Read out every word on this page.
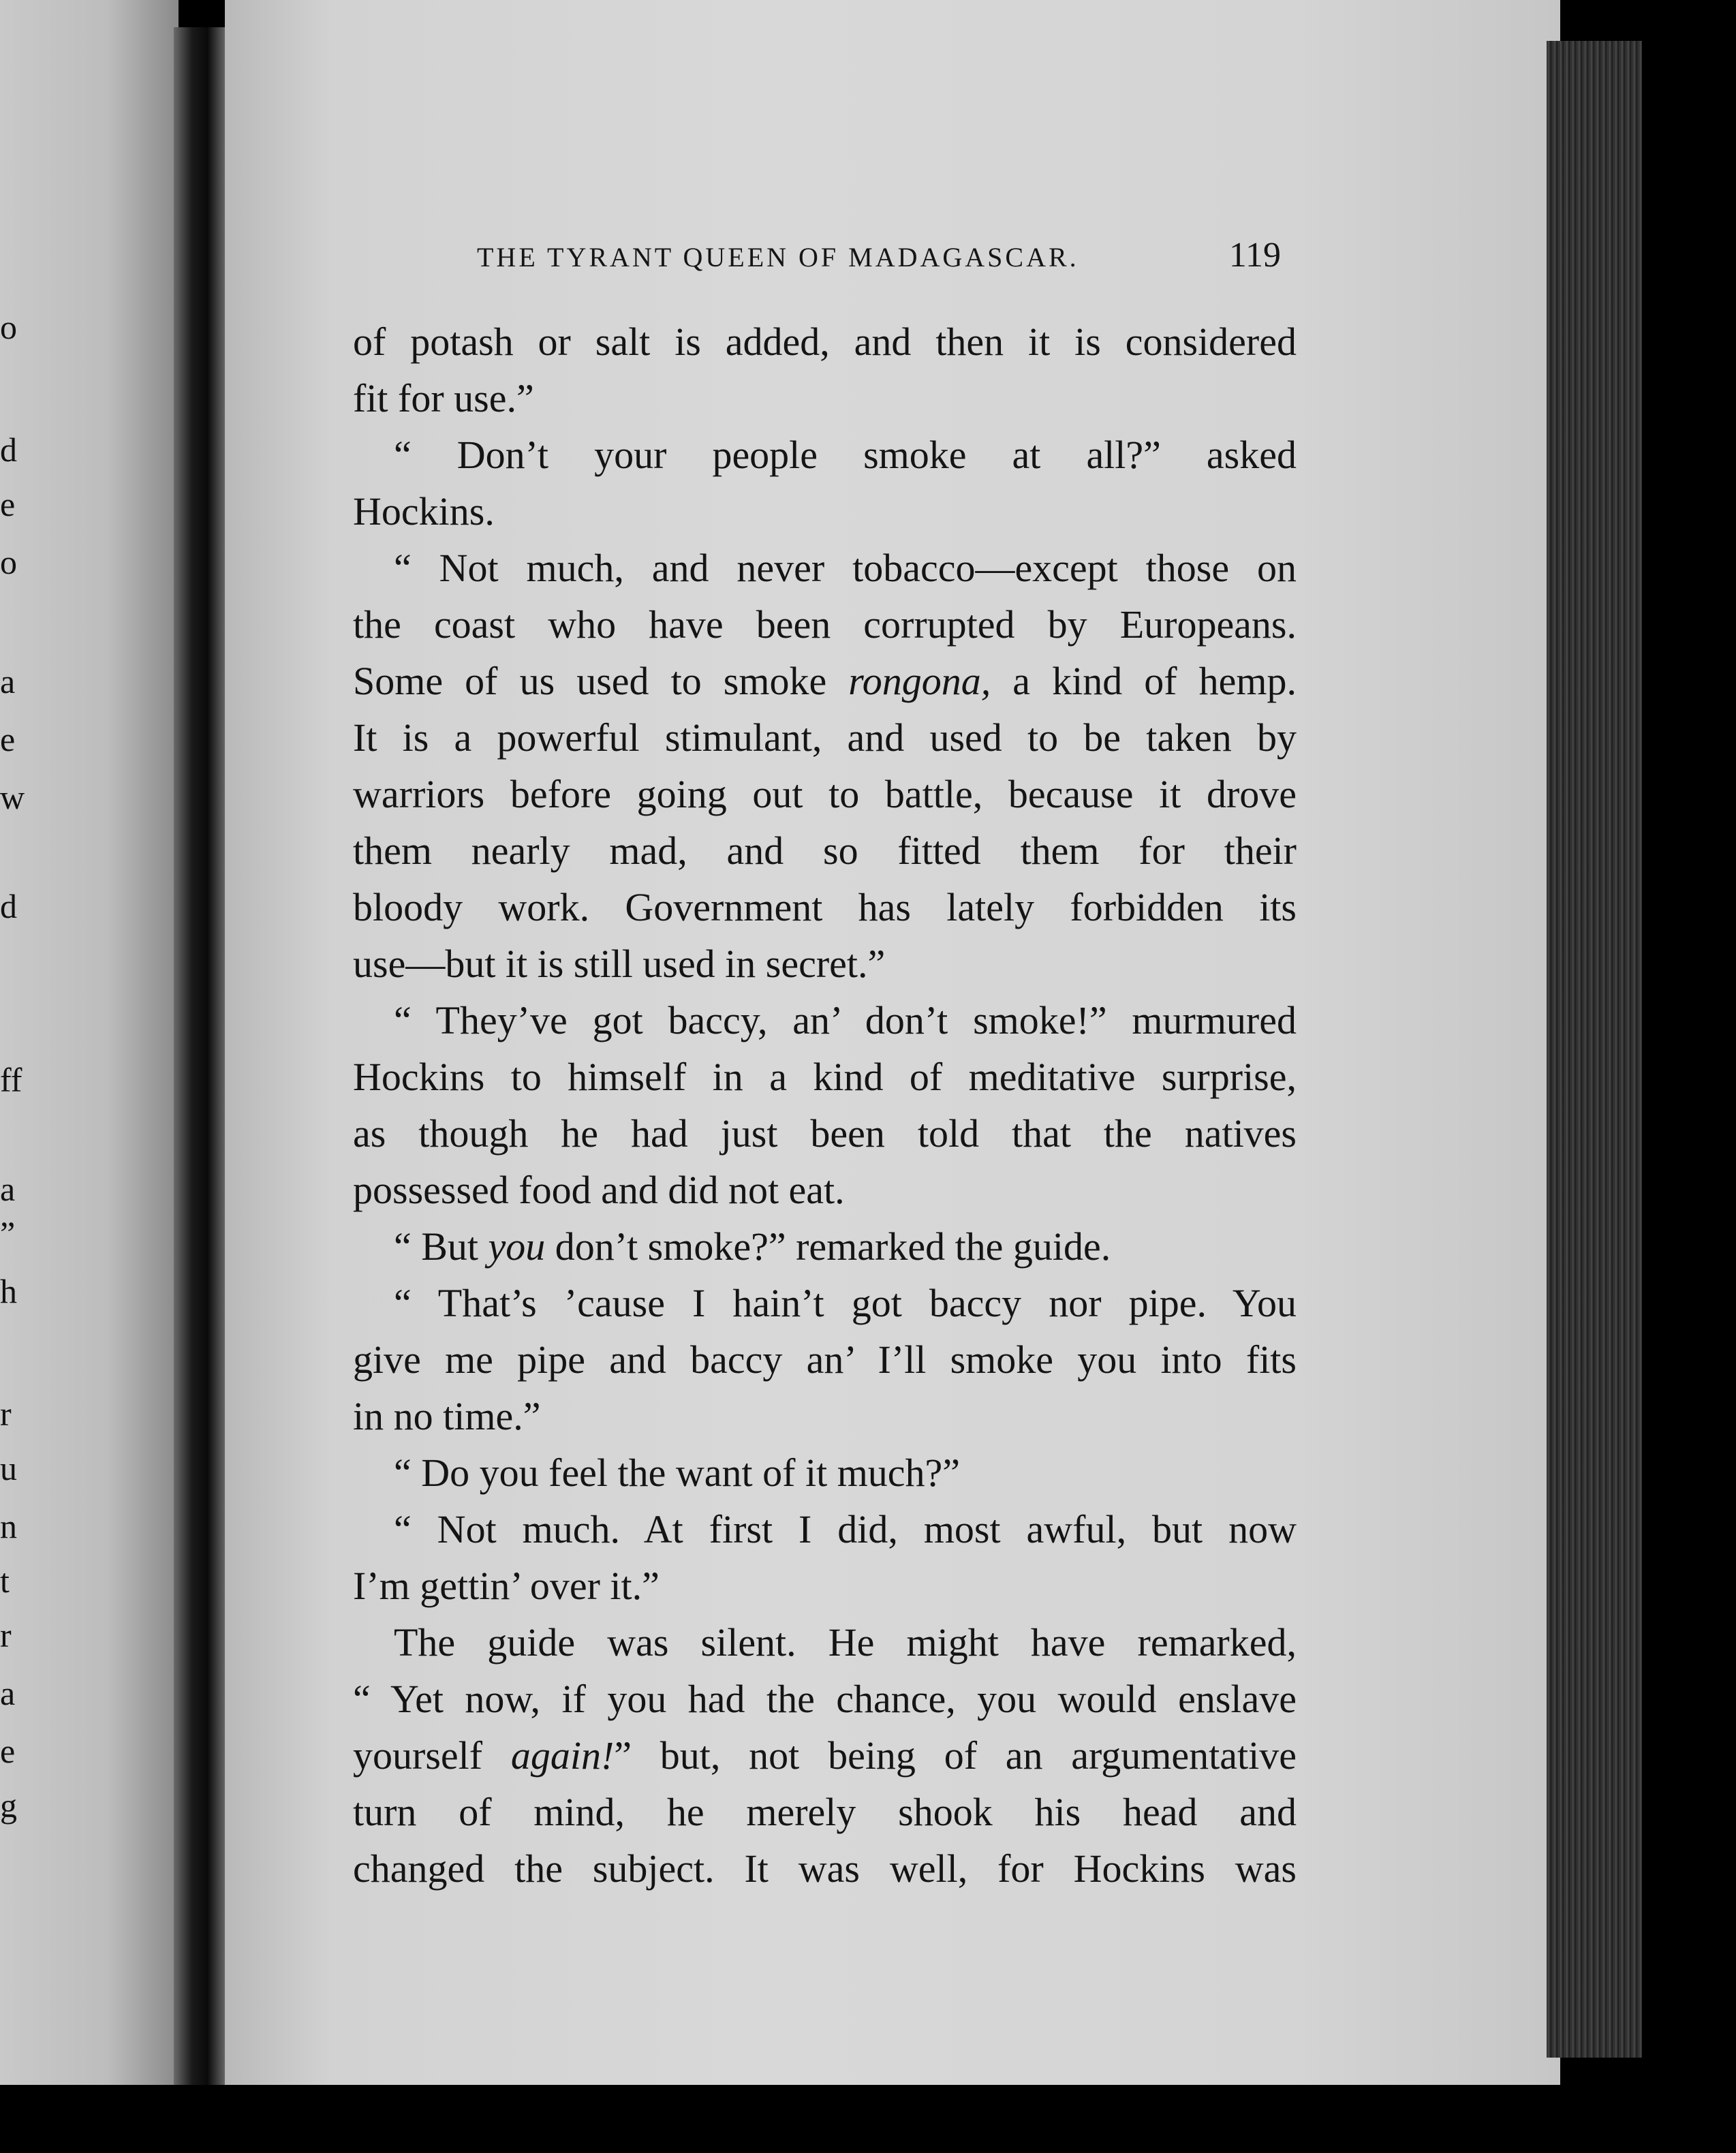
o
d
e
o
a
e
w
d
ff
a
”
h
r
u
n
t
r
a
e
g
THE TYRANT QUEEN OF MADAGASCAR.	119
of potash or salt is added, and then it is considered
fit for use.”
“ Don’t your people smoke at all?” asked
Hockins.
“ Not much, and never tobacco—except those on
the coast who have been corrupted by Europeans.
Some of us used to smoke rongona, a kind of hemp.
It is a powerful stimulant, and used to be taken by
warriors before going out to battle, because it drove
them nearly mad, and so fitted them for their
bloody work. Government has lately forbidden its
use—but it is still used in secret.”
“ They’ve got baccy, an’ don’t smoke!” murmured
Hockins to himself in a kind of meditative surprise,
as though he had just been told that the natives
possessed food and did not eat.
“ But you don’t smoke?” remarked the guide.
“ That’s ’cause I hain’t got baccy nor pipe. You
give me pipe and baccy an’ I’ll smoke you into fits
in no time.”
“ Do you feel the want of it much?”
“ Not much. At first I did, most awful, but now
I’m gettin’ over it.”
The guide was silent. He might have remarked,
“ Yet now, if you had the chance, you would enslave
yourself again!” but, not being of an argumentative
turn of mind, he merely shook his head and
changed the subject. It was well, for Hockins was
